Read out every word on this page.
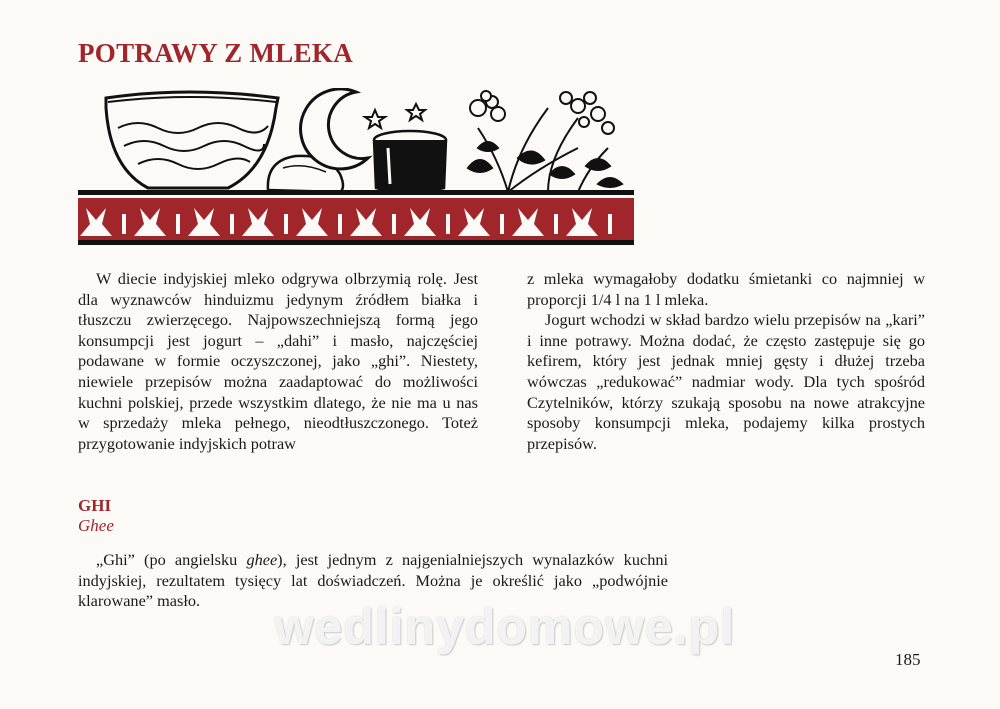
POTRAWY Z MLEKA

W diecie indyjskiej mleko odgrywa olbrzymią rolę. Jest dla wyznawców hinduizmu jedynym źródłem białka i tłuszczu zwierzęcego. Najpowszechniejszą formą jego konsumpcji jest jogurt – „dahi” i masło, najczęściej podawane w formie oczyszczonej, jako „ghi”. Niestety, niewiele przepisów można zaadaptować do możliwości kuchni polskiej, przede wszystkim dlatego, że nie ma u nas w sprzedaży mleka pełnego, nieodtłuszczonego. Toteż przygotowanie indyjskich potraw

z mleka wymagałoby dodatku śmietanki co najmniej w proporcji 1/4 l na 1 l mleka.

Jogurt wchodzi w skład bardzo wielu przepisów na „kari” i inne potrawy. Można dodać, że często zastępuje się go kefirem, który jest jednak mniej gęsty i dłużej trzeba wówczas „redukować” nadmiar wody. Dla tych spośród Czytelników, którzy szukają sposobu na nowe atrakcyjne sposoby konsumpcji mleka, podajemy kilka prostych przepisów.

GHI
Ghee

„Ghi” (po angielsku ghee), jest jednym z najgenialniejszych wynalazków kuchni indyjskiej, rezultatem tysięcy lat doświadczeń. Można je określić jako „podwójnie klarowane” masło.	wedlinydomowe.pl
185
